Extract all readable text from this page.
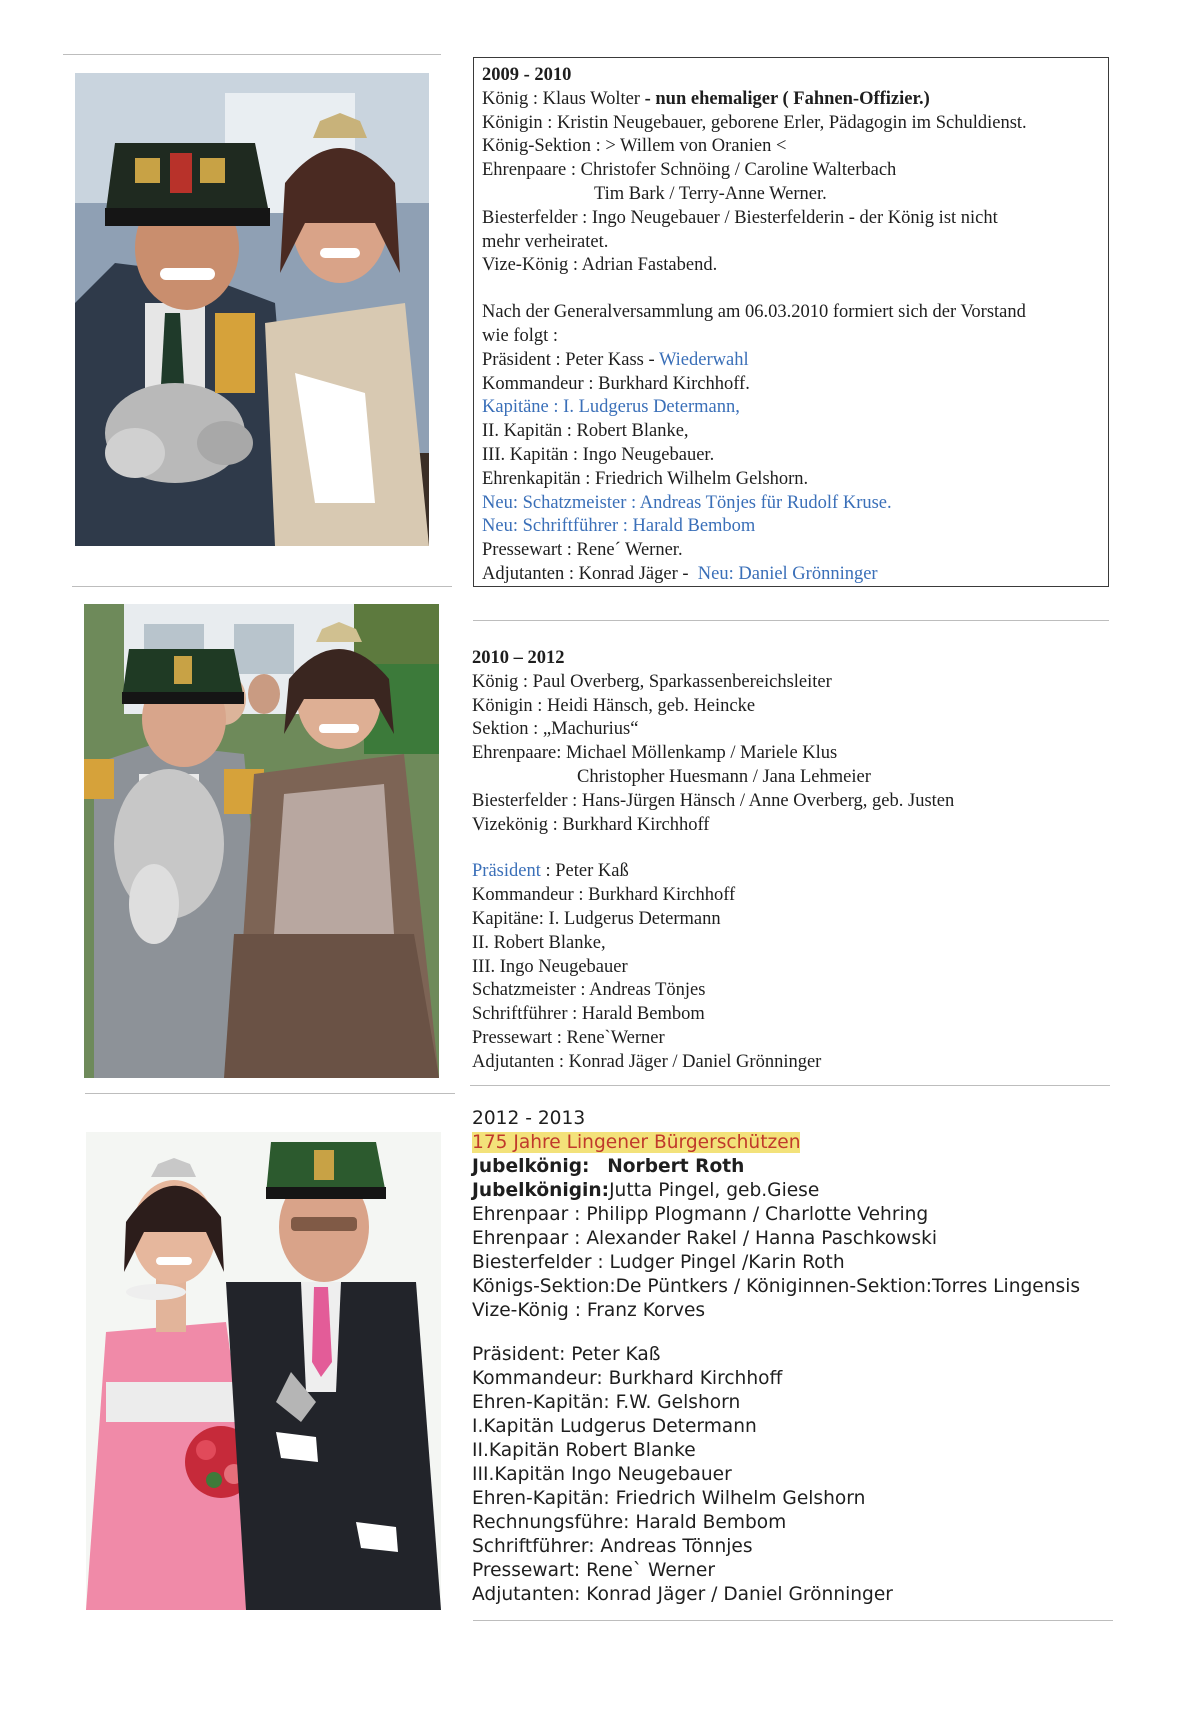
2009 - 2010
König : Klaus Wolter - nun ehemaliger ( Fahnen-Offizier.)
Königin : Kristin Neugebauer, geborene Erler, Pädagogin im Schuldienst.
König-Sektion : > Willem von Oranien <
Ehrenpaare : Christofer Schnöing / Caroline Walterbach
Tim Bark / Terry-Anne Werner.
Biesterfelder : Ingo Neugebauer / Biesterfelderin - der König ist nicht
mehr verheiratet.
Vize-König : Adrian Fastabend.
Nach der Generalversammlung am 06.03.2010 formiert sich der Vorstand
wie folgt :
Präsident : Peter Kass - Wiederwahl
Kommandeur : Burkhard Kirchhoff.
Kapitäne : I. Ludgerus Determann,
II. Kapitän : Robert Blanke,
III. Kapitän : Ingo Neugebauer.
Ehrenkapitän : Friedrich Wilhelm Gelshorn.
Neu: Schatzmeister : Andreas Tönjes für Rudolf Kruse.
Neu: Schriftführer : Harald Bembom
Pressewart : Rene´ Werner.
Adjutanten : Konrad Jäger -  Neu: Daniel Grönninger
2010 – 2012
König : Paul Overberg, Sparkassenbereichsleiter
Königin : Heidi Hänsch, geb. Heincke
Sektion : „Machurius“
Ehrenpaare: Michael Möllenkamp / Mariele Klus
Christopher Huesmann / Jana Lehmeier
Biesterfelder : Hans-Jürgen Hänsch / Anne Overberg, geb. Justen
Vizekönig : Burkhard Kirchhoff
Präsident : Peter Kaß
Kommandeur : Burkhard Kirchhoff
Kapitäne: I. Ludgerus Determann
II. Robert Blanke,
III. Ingo Neugebauer
Schatzmeister : Andreas Tönjes
Schriftführer : Harald Bembom
Pressewart : Rene`Werner
Adjutanten : Konrad Jäger / Daniel Grönninger
2012 - 2013
175 Jahre Lingener Bürgerschützen
Jubelkönig: Norbert Roth
Jubelkönigin:Jutta Pingel, geb.Giese
Ehrenpaar : Philipp Plogmann / Charlotte Vehring
Ehrenpaar : Alexander Rakel / Hanna Paschkowski
Biesterfelder : Ludger Pingel /Karin Roth
Königs-Sektion:De Püntkers / Königinnen-Sektion:Torres Lingensis
Vize-König : Franz Korves
Präsident: Peter Kaß
Kommandeur: Burkhard Kirchhoff
Ehren-Kapitän: F.W. Gelshorn
I.Kapitän Ludgerus Determann
II.Kapitän Robert Blanke
III.Kapitän Ingo Neugebauer
Ehren-Kapitän: Friedrich Wilhelm Gelshorn
Rechnungsführe: Harald Bembom
Schriftführer: Andreas Tönnjes
Pressewart: Rene` Werner
Adjutanten: Konrad Jäger / Daniel Grönninger
